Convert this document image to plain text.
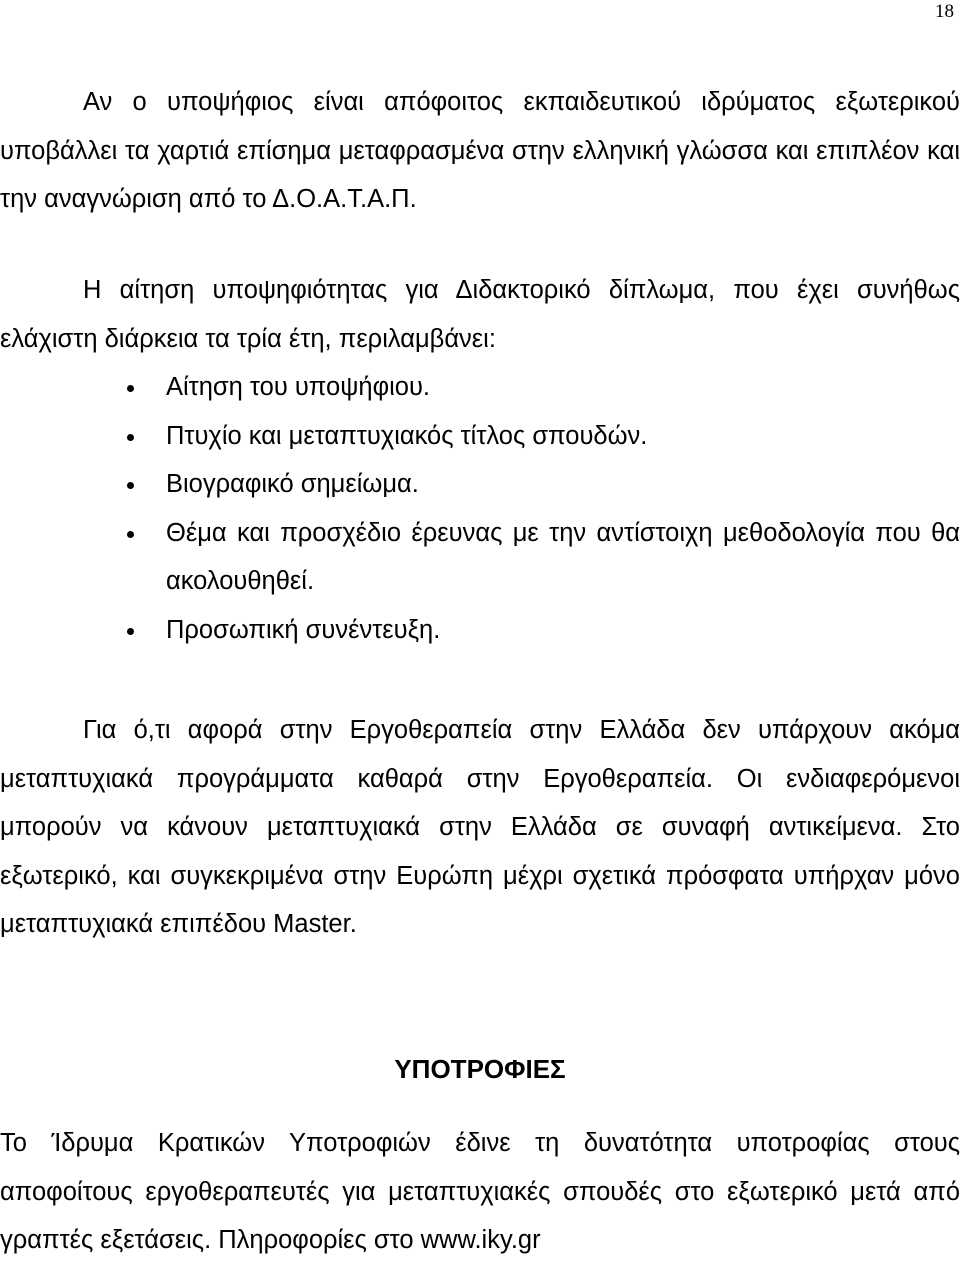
18

Αν ο υποψήφιος είναι απόφοιτος εκπαιδευτικού ιδρύματος εξωτερικού υποβάλλει τα χαρτιά επίσημα μεταφρασμένα στην ελληνική γλώσσα και επιπλέον και την αναγνώριση από το Δ.Ο.Α.Τ.Α.Π.

Η αίτηση υποψηφιότητας για Διδακτορικό δίπλωμα, που έχει συνήθως ελάχιστη διάρκεια τα τρία έτη, περιλαμβάνει:

Αίτηση του υποψήφιου.
Πτυχίο και μεταπτυχιακός τίτλος σπουδών.
Βιογραφικό σημείωμα.
Θέμα και προσχέδιο έρευνας με την αντίστοιχη μεθοδολογία που θα ακολουθηθεί.
Προσωπική συνέντευξη.

Για ό,τι αφορά στην Εργοθεραπεία στην Ελλάδα δεν υπάρχουν ακόμα μεταπτυχιακά προγράμματα καθαρά στην Εργοθεραπεία. Οι ενδιαφερόμενοι μπορούν να κάνουν μεταπτυχιακά στην Ελλάδα σε συναφή αντικείμενα. Στο εξωτερικό, και συγκεκριμένα στην Ευρώπη μέχρι σχετικά πρόσφατα υπήρχαν μόνο μεταπτυχιακά επιπέδου Master.

ΥΠΟΤΡΟΦΙΕΣ

Το Ίδρυμα Κρατικών Υποτροφιών έδινε τη δυνατότητα υποτροφίας στους αποφοίτους εργοθεραπευτές για μεταπτυχιακές σπουδές στο εξωτερικό μετά από γραπτές εξετάσεις. Πληροφορίες στο www.iky.gr
